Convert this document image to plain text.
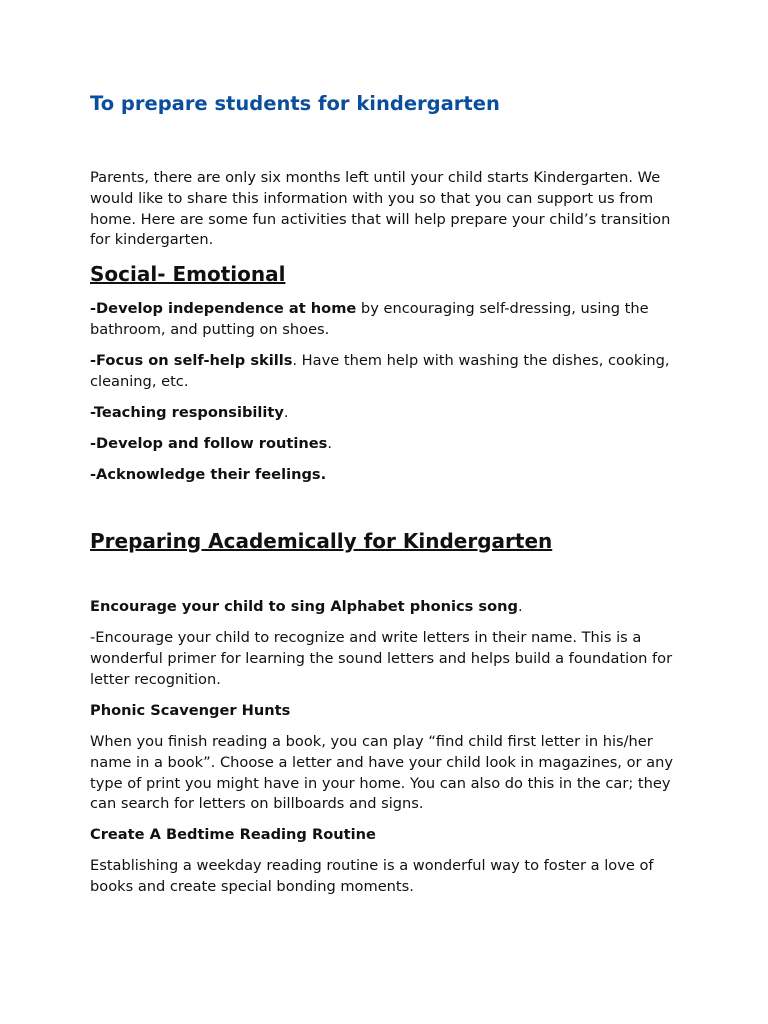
To prepare students for kindergarten

Parents, there are only six months left until your child starts Kindergarten. We would like to share this information with you so that you can support us from home. Here are some fun activities that will help prepare your child’s transition for kindergarten.

Social- Emotional

-Develop independence at home by encouraging self-dressing, using the bathroom, and putting on shoes.

-Focus on self-help skills. Have them help with washing the dishes, cooking, cleaning, etc.

-Teaching responsibility.

-Develop and follow routines.

-Acknowledge their feelings.

Preparing Academically for Kindergarten

Encourage your child to sing Alphabet phonics song.

-Encourage your child to recognize and write letters in their name. This is a wonderful primer for learning the sound letters and helps build a foundation for letter recognition.

Phonic Scavenger Hunts

When you finish reading a book, you can play “find child first letter in his/her name in a book”. Choose a letter and have your child look in magazines, or any type of print you might have in your home. You can also do this in the car; they can search for letters on billboards and signs.

Create A Bedtime Reading Routine

Establishing a weekday reading routine is a wonderful way to foster a love of books and create special bonding moments.
